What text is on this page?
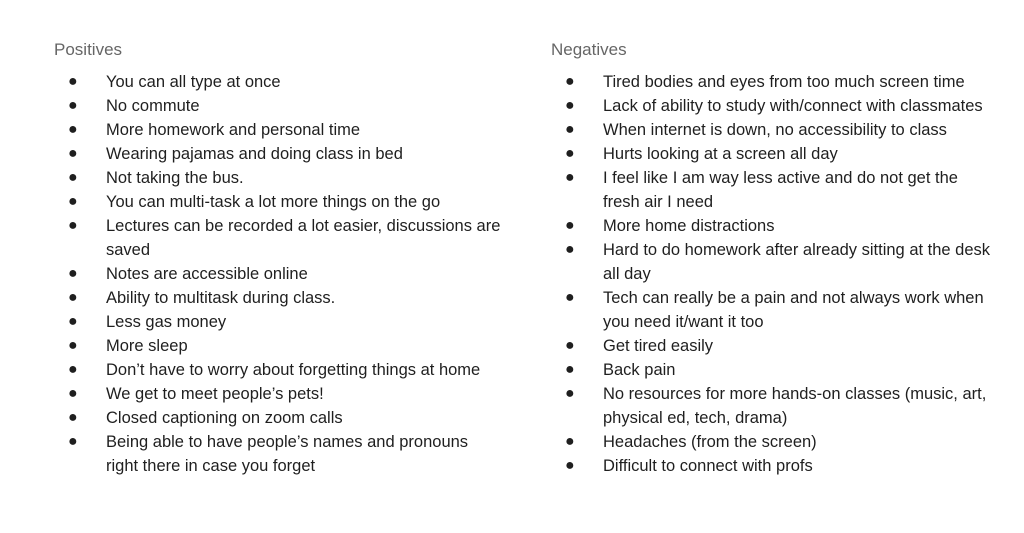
Positives
● You can all type at once
● No commute
● More homework and personal time
● Wearing pajamas and doing class in bed
● Not taking the bus.
● You can multi-task a lot more things on the go
● Lectures can be recorded a lot easier, discussions are saved
● Notes are accessible online
● Ability to multitask during class.
● Less gas money
● More sleep
● Don’t have to worry about forgetting things at home
● We get to meet people’s pets!
● Closed captioning on zoom calls
● Being able to have people’s names and pronouns right there in case you forget
Negatives
● Tired bodies and eyes from too much screen time
● Lack of ability to study with/connect with classmates
● When internet is down, no accessibility to class
● Hurts looking at a screen all day
● I feel like I am way less active and do not get the fresh air I need
● More home distractions
● Hard to do homework after already sitting at the desk all day
● Tech can really be a pain and not always work when you need it/want it too
● Get tired easily
● Back pain
● No resources for more hands-on classes (music, art, physical ed, tech, drama)
● Headaches (from the screen)
● Difficult to connect with profs
